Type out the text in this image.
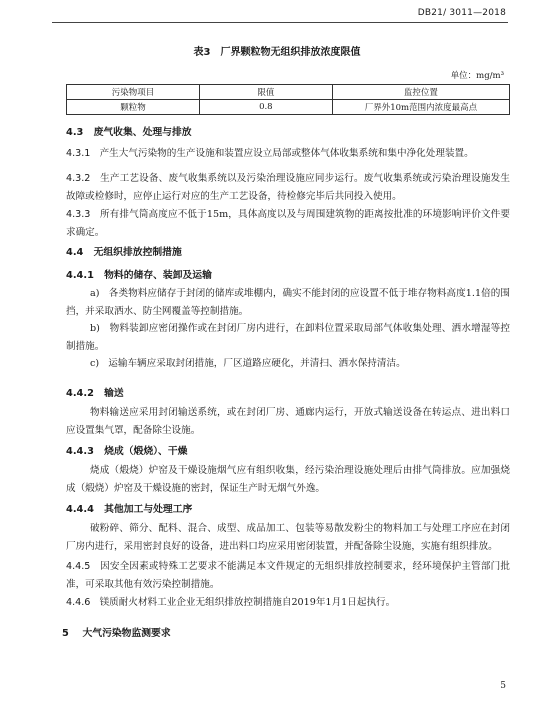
DB21/ 3011—2018
表3　厂界颗粒物无组织排放浓度限值
单位：mg/m³
污染物项目	限值	监控位置
颗粒物	0.8	厂界外10m范围内浓度最高点
4.3 废气收集、处理与排放
4.3.1 产生大气污染物的生产设施和装置应设立局部或整体气体收集系统和集中净化处理装置。
4.3.2 生产工艺设备、废气收集系统以及污染治理设施应同步运行。废气收集系统或污染治理设施发生故障或检修时，应停止运行对应的生产工艺设备，待检修完毕后共同投入使用。
4.3.3 所有排气筒高度应不低于15m，具体高度以及与周围建筑物的距离按批准的环境影响评价文件要求确定。
4.4 无组织排放控制措施
4.4.1 物料的储存、装卸及运输
a) 各类物料应储存于封闭的储库或堆棚内，确实不能封闭的应设置不低于堆存物料高度1.1倍的围挡，并采取洒水、防尘网覆盖等控制措施。
b) 物料装卸应密闭操作或在封闭厂房内进行，在卸料位置采取局部气体收集处理、洒水增湿等控制措施。
c) 运输车辆应采取封闭措施，厂区道路应硬化，并清扫、洒水保持清洁。
4.4.2 输送
物料输送应采用封闭输送系统，或在封闭厂房、通廊内运行，开放式输送设备在转运点、进出料口应设置集气罩，配备除尘设施。
4.4.3 烧成（煅烧）、干燥
烧成（煅烧）炉窑及干燥设施烟气应有组织收集，经污染治理设施处理后由排气筒排放。应加强烧成（煅烧）炉窑及干燥设施的密封，保证生产时无烟气外逸。
4.4.4 其他加工与处理工序
破粉碎、筛分、配料、混合、成型、成品加工、包装等易散发粉尘的物料加工与处理工序应在封闭厂房内进行，采用密封良好的设备，进出料口均应采用密闭装置，并配备除尘设施，实施有组织排放。
4.4.5 因安全因素或特殊工艺要求不能满足本文件规定的无组织排放控制要求，经环境保护主管部门批准，可采取其他有效污染控制措施。
4.4.6 镁质耐火材料工业企业无组织排放控制措施自2019年1月1日起执行。
5 大气污染物监测要求
5
